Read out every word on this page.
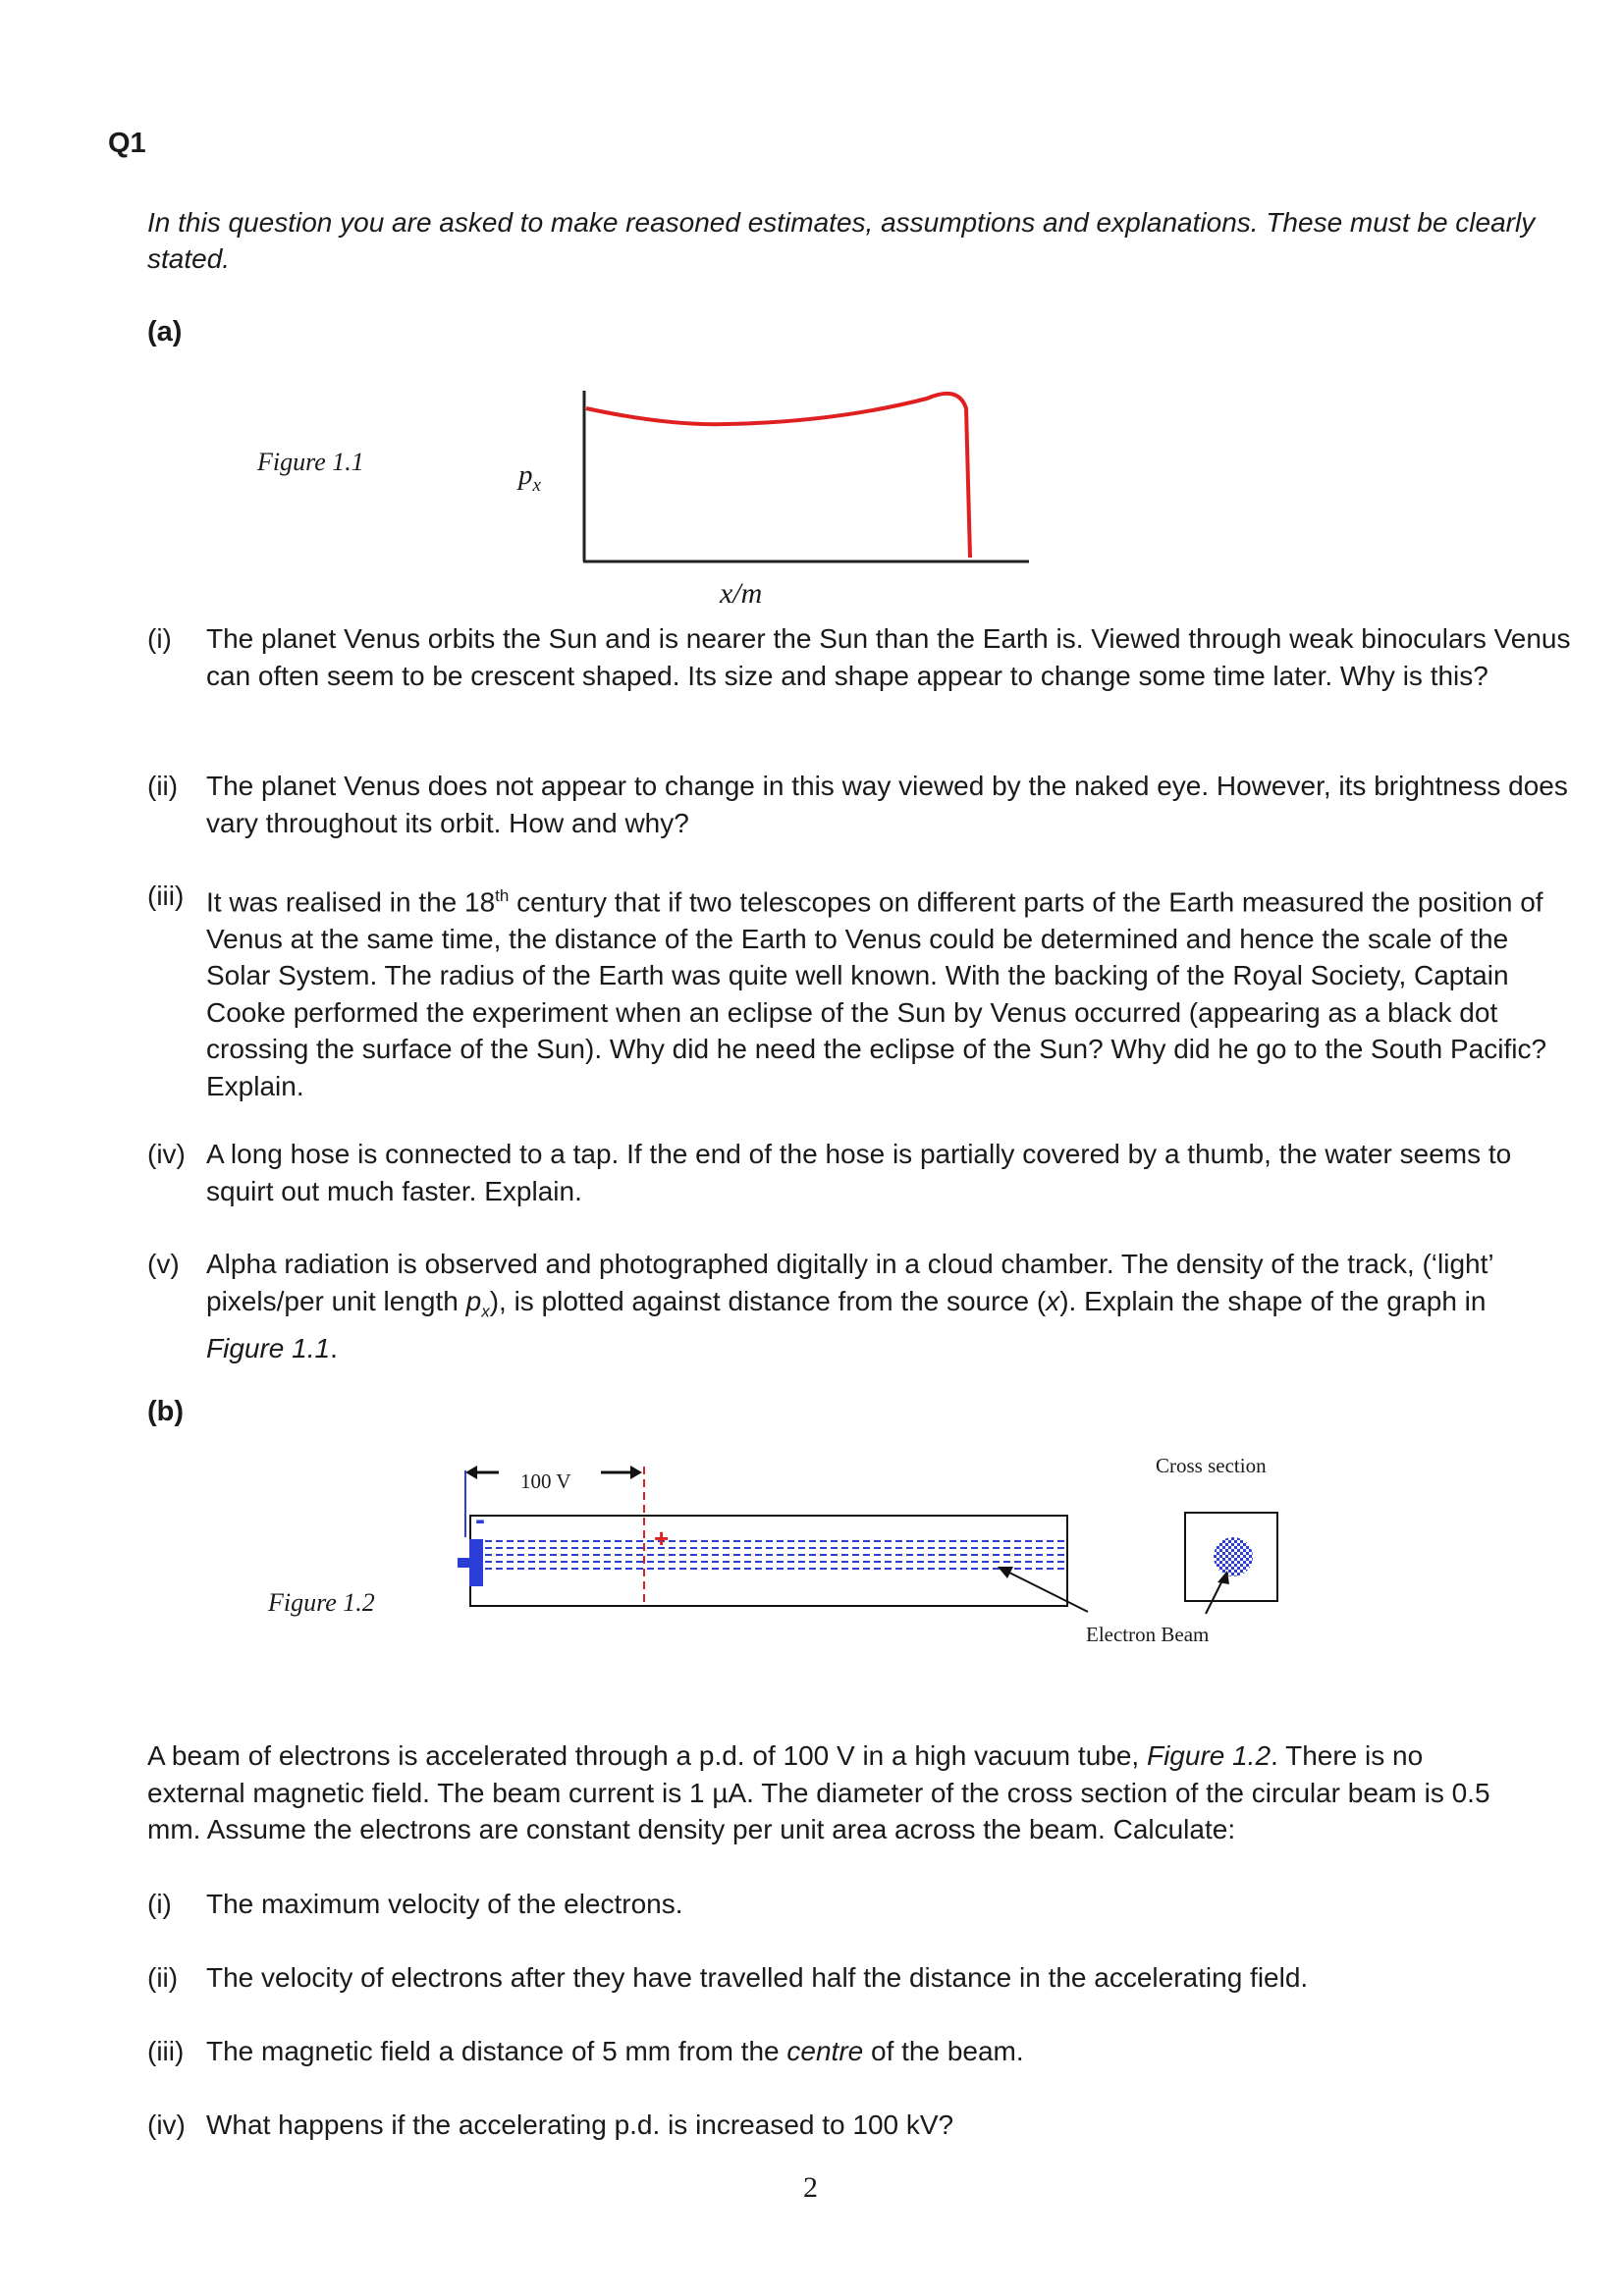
Q1
In this question you are asked to make reasoned estimates, assumptions and explanations. These must be clearly stated.
(a)
Figure 1.1	$p_x$
x/m
(i) The planet Venus orbits the Sun and is nearer the Sun than the Earth is. Viewed through weak binoculars Venus can often seem to be crescent shaped. Its size and shape appear to change some time later. Why is this?
(ii) The planet Venus does not appear to change in this way viewed by the naked eye. However, its brightness does vary throughout its orbit. How and why?
(iii) It was realised in the 18th century that if two telescopes on different parts of the Earth measured the position of Venus at the same time, the distance of the Earth to Venus could be determined and hence the scale of the Solar System. The radius of the Earth was quite well known. With the backing of the Royal Society, Captain Cooke performed the experiment when an eclipse of the Sun by Venus occurred (appearing as a black dot crossing the surface of the Sun). Why did he need the eclipse of the Sun? Why did he go to the South Pacific? Explain.
(iv) A long hose is connected to a tap. If the end of the hose is partially covered by a thumb, the water seems to squirt out much faster. Explain.
(v) Alpha radiation is observed and photographed digitally in a cloud chamber. The density of the track, (‘light’ pixels/per unit length $p_x$), is plotted against distance from the source (x). Explain the shape of the graph in Figure 1.1.
(b)
Figure 1.2
-
+
100 V
Cross section
Electron Beam
A beam of electrons is accelerated through a p.d. of 100 V in a high vacuum tube, Figure 1.2. There is no external magnetic field. The beam current is 1 µA. The diameter of the cross section of the circular beam is 0.5 mm. Assume the electrons are constant density per unit area across the beam. Calculate:
(i) The maximum velocity of the electrons.
(ii) The velocity of electrons after they have travelled half the distance in the accelerating field.
(iii) The magnetic field a distance of 5 mm from the centre of the beam.
(iv) What happens if the accelerating p.d. is increased to 100 kV?
2
